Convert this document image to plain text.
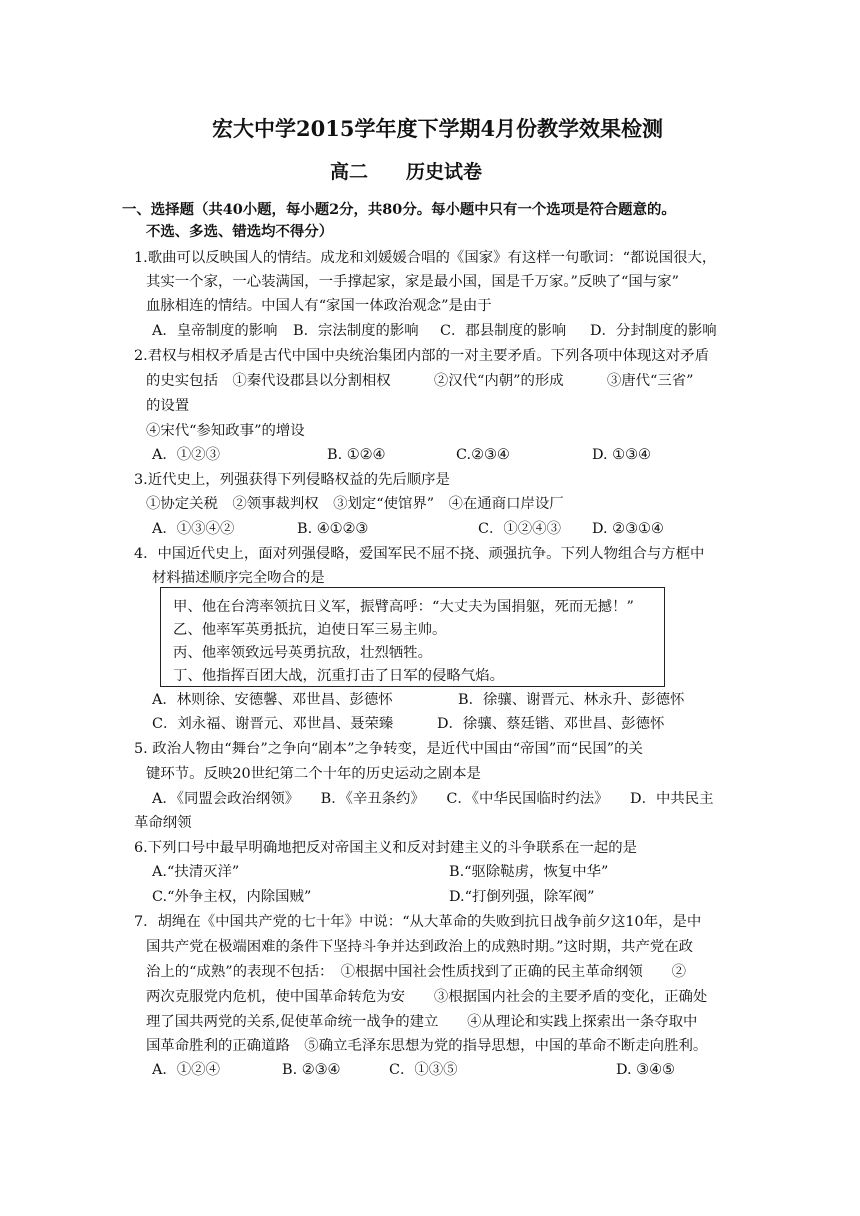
宏大中学2015学年度下学期4月份教学效果检测
高二　　历史试卷
一、选择题（共40小题，每小题2分，共80分。每小题中只有一个选项是符合题意的。
不选、多选、错选均不得分）
1.歌曲可以反映国人的情结。成龙和刘媛媛合唱的《国家》有这样一句歌词：“都说国很大，
其实一个家，一心装满国，一手撑起家，家是最小国，国是千万家。”反映了“国与家”
血脉相连的情结。中国人有“家国一体政治观念”是由于
A．皇帝制度的影响 B．宗法制度的影响 C．郡县制度的影响 D．分封制度的影响
2.君权与相权矛盾是古代中国中央统治集团内部的一对主要矛盾。下列各项中体现这对矛盾
的史实包括　①秦代设郡县以分割相权　　　②汉代“内朝”的形成　　　③唐代“三省”
的设置
④宋代“参知政事”的增设
A．①②③	B. ①②④	C.②③④	D. ①③④
3.近代史上，列强获得下列侵略权益的先后顺序是
①协定关税　②领事裁判权　③划定“使馆界”　④在通商口岸设厂
A．①③④②	B. ④①②③	C．①②④③ D. ②③①④
4．中国近代史上，面对列强侵略，爱国军民不屈不挠、顽强抗争。下列人物组合与方框中
材料描述顺序完全吻合的是
甲、他在台湾率领抗日义军，振臂高呼：“大丈夫为国捐躯，死而无撼！”
乙、他率军英勇抵抗，迫使日军三易主帅。
丙、他率领致远号英勇抗敌，壮烈牺牲。
丁、他指挥百团大战，沉重打击了日军的侵略气焰。
A．林则徐、安德馨、邓世昌、彭德怀	B．徐骧、谢晋元、林永升、彭德怀
C．刘永福、谢晋元、邓世昌、聂荣臻	D．徐骧、蔡廷锴、邓世昌、彭德怀
5. 政治人物由“舞台”之争向“剧本”之争转变，是近代中国由“帝国”而“民国”的关
键环节。反映20世纪第二个十年的历史运动之剧本是
A．《同盟会政治纲领》　　B．《辛丑条约》　　C．《中华民国临时约法》　　D．中共民主
革命纲领
6.下列口号中最早明确地把反对帝国主义和反对封建主义的斗争联系在一起的是
A.“扶清灭洋”	B.“驱除鞑虏，恢复中华”
C.“外争主权，内除国贼”	D.“打倒列强，除军阀”
7．胡绳在《中国共产党的七十年》中说：“从大革命的失败到抗日战争前夕这10年，是中
国共产党在极端困难的条件下坚持斗争并达到政治上的成熟时期。”这时期，共产党在政
治上的“成熟”的表现不包括：　①根据中国社会性质找到了正确的民主革命纲领　　②
两次克服党内危机，使中国革命转危为安　　③根据国内社会的主要矛盾的变化，正确处
理了国共两党的关系,促使革命统一战争的建立　　④从理论和实践上探索出一条夺取中
国革命胜利的正确道路　⑤确立毛泽东思想为党的指导思想，中国的革命不断走向胜利。
A．①②④	B. ②③④	C．①③⑤	D. ③④⑤
